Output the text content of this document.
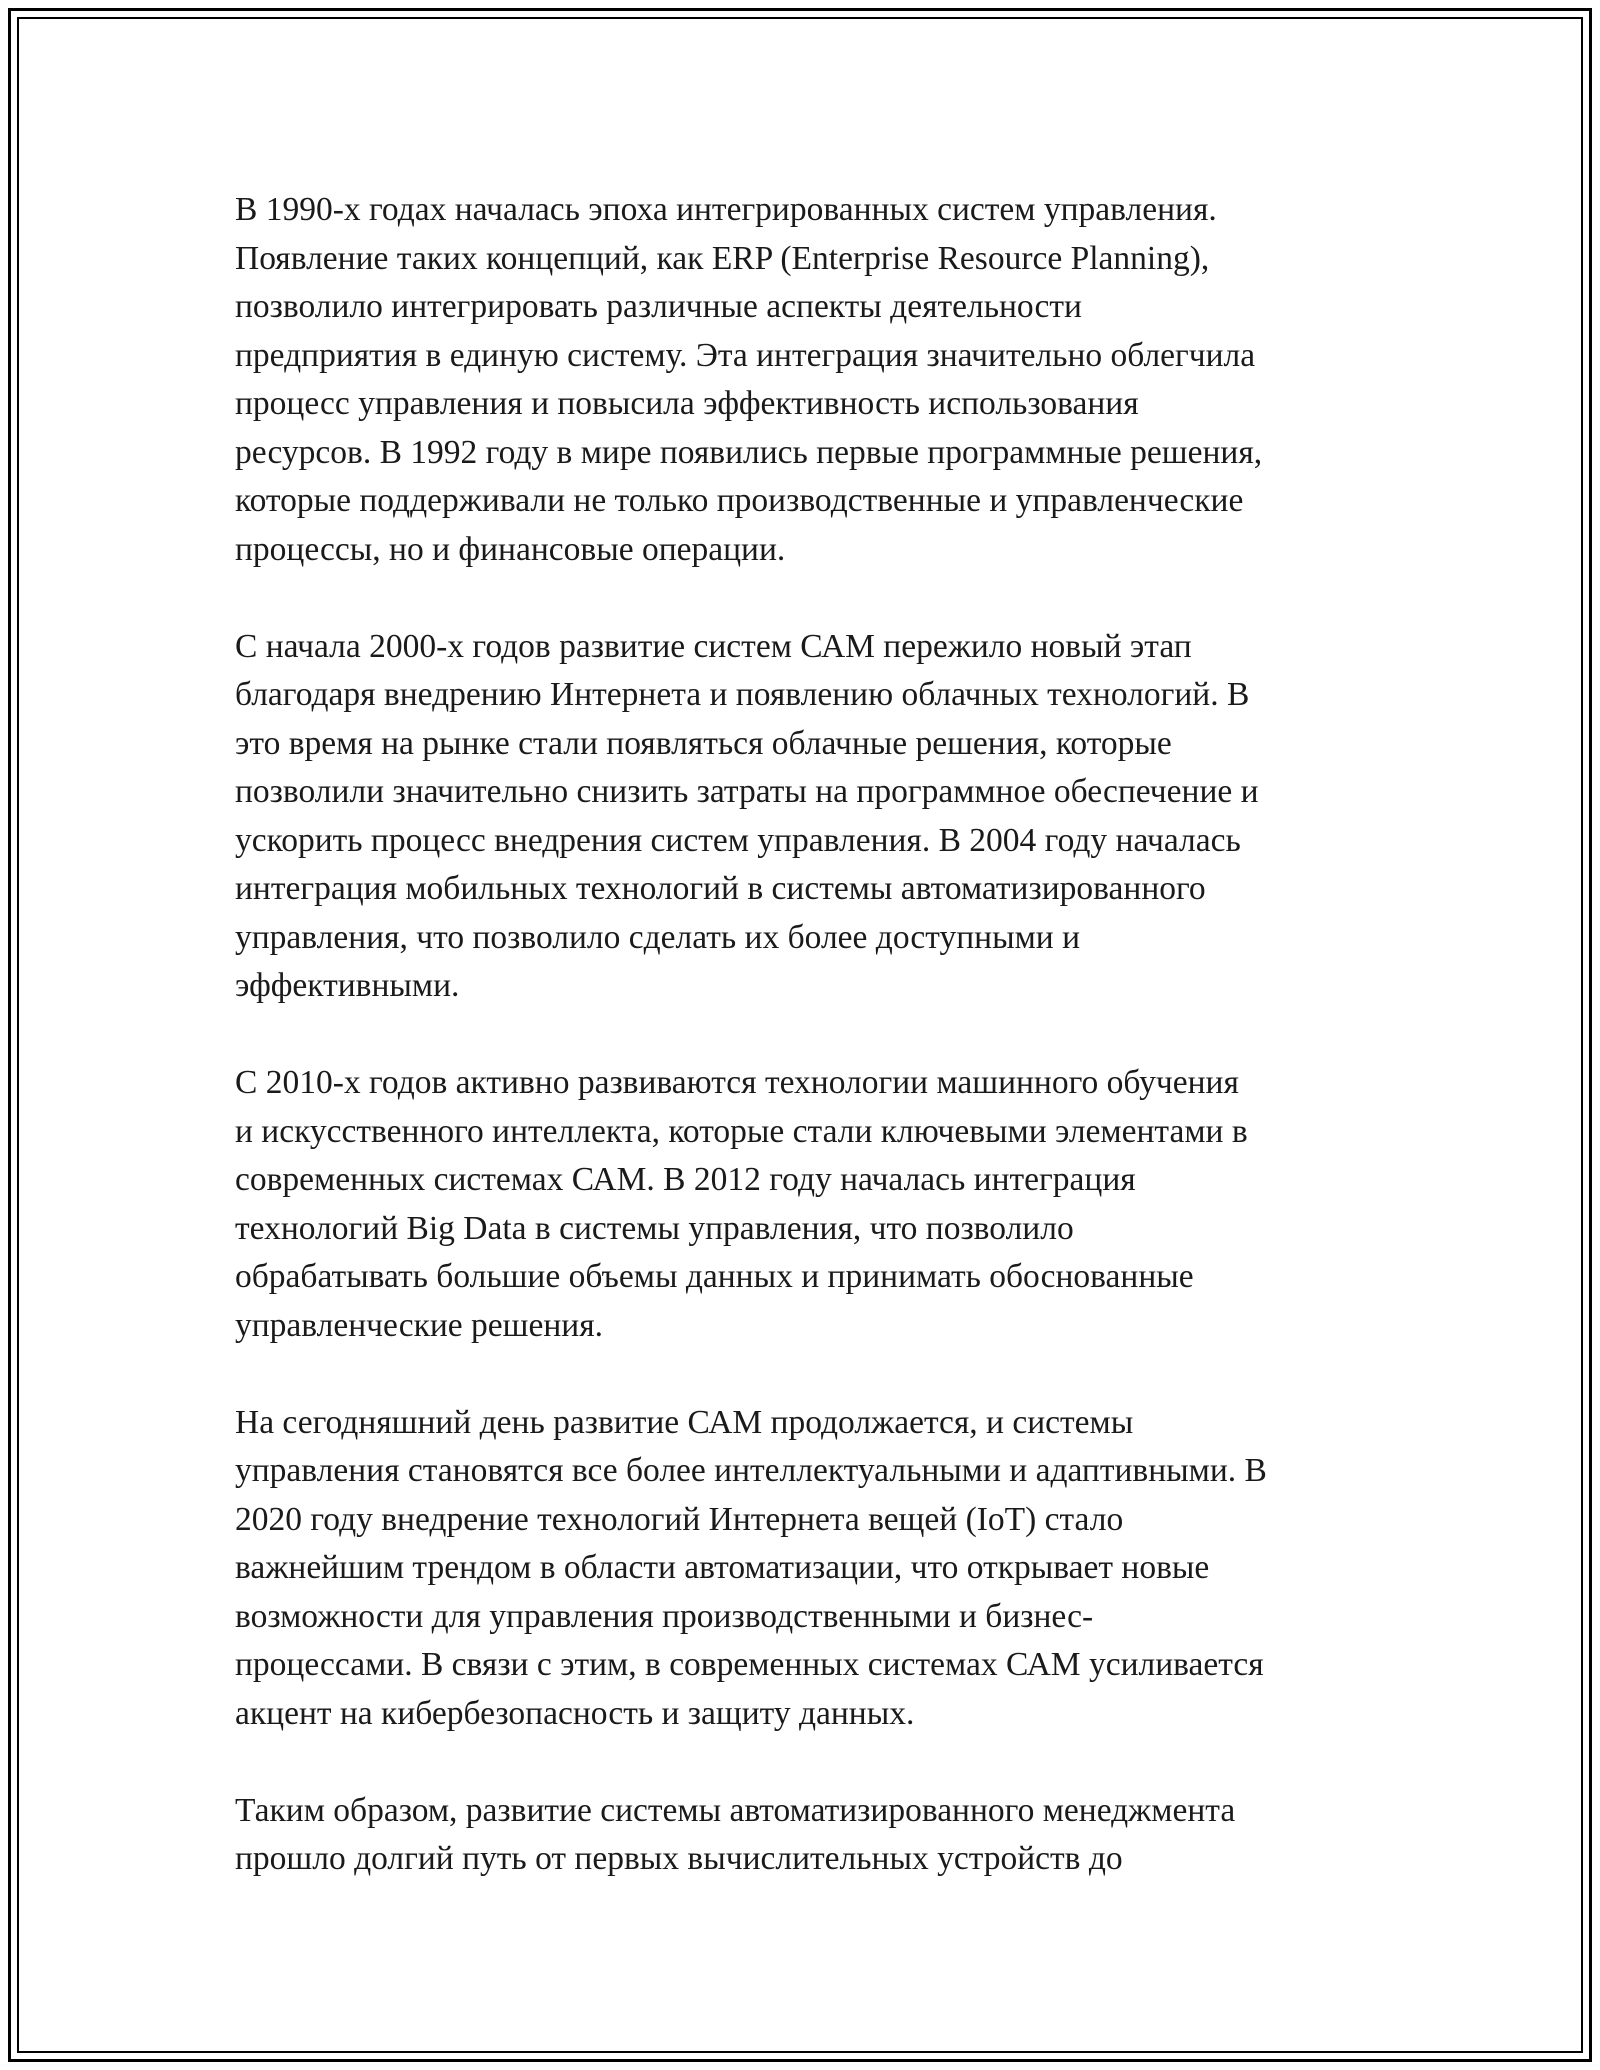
В 1990-х годах началась эпоха интегрированных систем управления.
Появление таких концепций, как ERP (Enterprise Resource Planning),
позволило интегрировать различные аспекты деятельности
предприятия в единую систему. Эта интеграция значительно облегчила
процесс управления и повысила эффективность использования
ресурсов. В 1992 году в мире появились первые программные решения,
которые поддерживали не только производственные и управленческие
процессы, но и финансовые операции.

С начала 2000-х годов развитие систем САМ пережило новый этап
благодаря внедрению Интернета и появлению облачных технологий. В
это время на рынке стали появляться облачные решения, которые
позволили значительно снизить затраты на программное обеспечение и
ускорить процесс внедрения систем управления. В 2004 году началась
интеграция мобильных технологий в системы автоматизированного
управления, что позволило сделать их более доступными и
эффективными.

С 2010-х годов активно развиваются технологии машинного обучения
и искусственного интеллекта, которые стали ключевыми элементами в
современных системах САМ. В 2012 году началась интеграция
технологий Big Data в системы управления, что позволило
обрабатывать большие объемы данных и принимать обоснованные
управленческие решения.

На сегодняшний день развитие САМ продолжается, и системы
управления становятся все более интеллектуальными и адаптивными. В
2020 году внедрение технологий Интернета вещей (IoT) стало
важнейшим трендом в области автоматизации, что открывает новые
возможности для управления производственными и бизнес-
процессами. В связи с этим, в современных системах САМ усиливается
акцент на кибербезопасность и защиту данных.

Таким образом, развитие системы автоматизированного менеджмента
прошло долгий путь от первых вычислительных устройств до
